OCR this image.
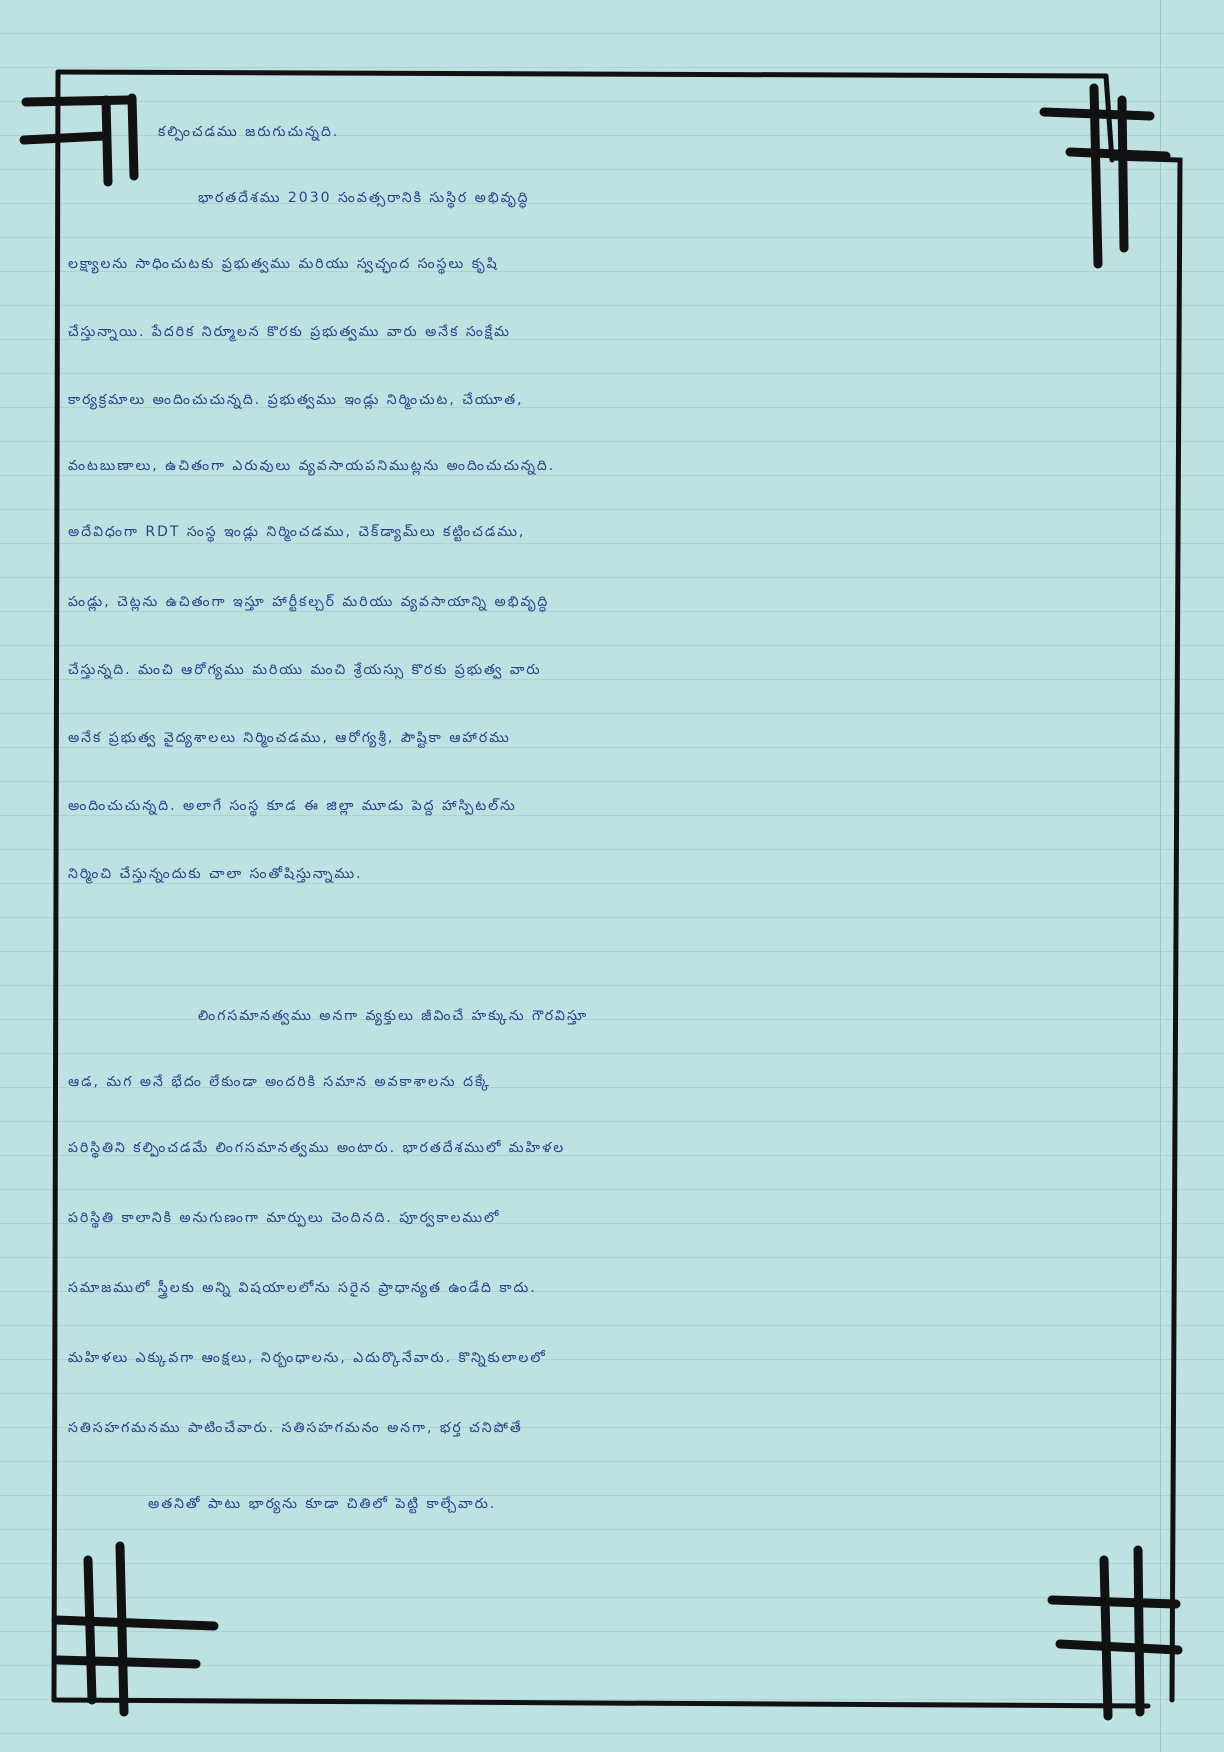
కల్పించడము జరుగుచున్నది.
భారతదేశము 2030 సంవత్సరానికి సుస్థిర అభివృద్ధి
లక్ష్యాలను సాధించుటకు ప్రభుత్వము మరియు స్వచ్ఛంద సంస్థలు కృషి
చేస్తున్నాయి. పేదరిక నిర్మూలన కొరకు ప్రభుత్వము వారు అనేక సంక్షేమ
కార్యక్రమాలు అందించుచున్నది. ప్రభుత్వము ఇండ్లు నిర్మించుట, చేయూత,
వంటబుణాలు, ఉచితంగా ఎరువులు వ్యవసాయపనిముట్లను అందించుచున్నది.
అదేవిధంగా RDT సంస్థ ఇండ్లు నిర్మించడము, చెక్‌డ్యామ్‌లు కట్టించడము,
పండ్లు, చెట్లను ఉచితంగా ఇస్తూ హార్టీకల్చర్ మరియు వ్యవసాయాన్ని అభివృద్ధి
చేస్తున్నది. మంచి ఆరోగ్యము మరియు మంచి శ్రేయస్సు కొరకు ప్రభుత్వ వారు
అనేక ప్రభుత్వ వైద్యశాలలు నిర్మించడము, ఆరోగ్యశ్రీ, పౌష్టికా ఆహారము
అందించుచున్నది. అలాగే సంస్థ కూడ ఈ జిల్లా మూడు పెద్ద హాస్పిటల్‌ను
నిర్మించి చేస్తున్నందుకు చాలా సంతోషిస్తున్నాము.
లింగసమానత్వము అనగా వ్యక్తులు జీవించే హక్కును గౌరవిస్తూ
ఆడ, మగ అనే భేదం లేకుండా అందరికి సమాన అవకాశాలను దక్కే
పరిస్థితిని కల్పించడమే లింగసమానత్వము అంటారు. భారతదేశములో మహిళల
పరిస్థితి కాలానికి అనుగుణంగా మార్పులు చెందినది. పూర్వకాలములో
సమాజములో స్త్రీలకు అన్ని విషయాలలోను సరైన ప్రాధాన్యత ఉండేది కాదు.
మహిళలు ఎక్కువగా ఆంక్షలు, నిర్బంధాలను, ఎదుర్కొనేవారు. కొన్నికులాలలో
సతిసహగమనము పాటించేవారు. సతిసహగమనం అనగా, భర్త చనిపోతే
అతనితో పాటు భార్యను కూడా చితిలో పెట్టి కాల్చేవారు.
